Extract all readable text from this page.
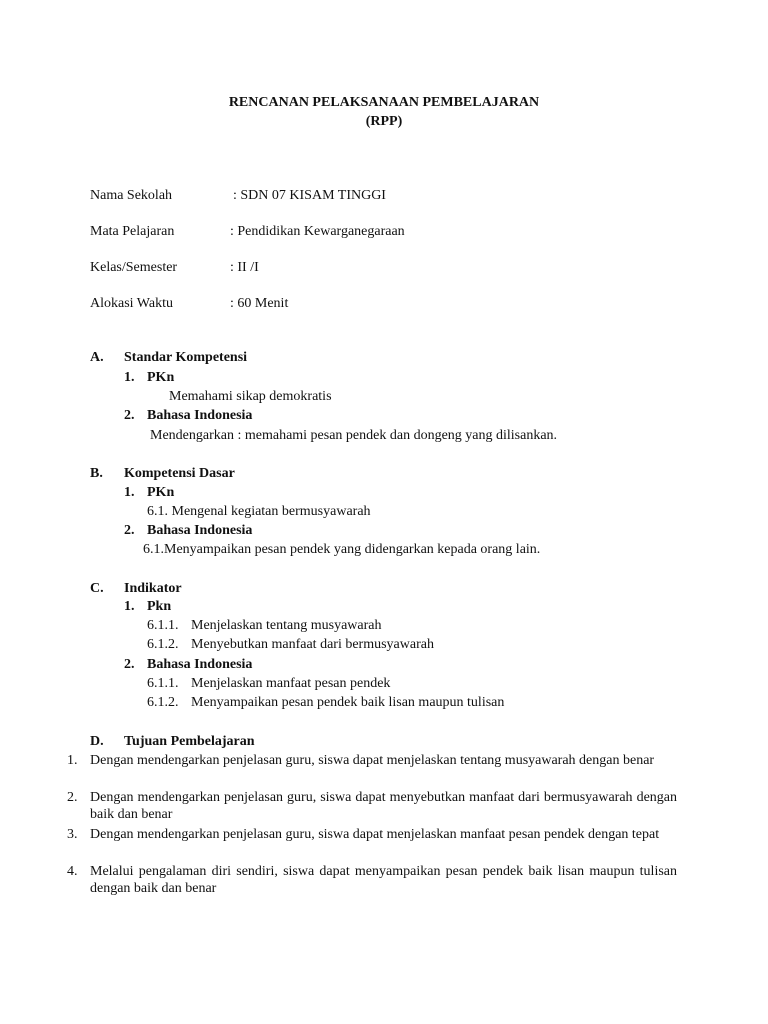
RENCANAN PELAKSANAAN PEMBELAJARAN
(RPP)
Nama Sekolah	: SDN 07 KISAM TINGGI
Mata Pelajaran	: Pendidikan Kewarganegaraan
Kelas/Semester	: II /I
Alokasi Waktu	: 60 Menit
A. Standar Kompetensi
1. PKn
Memahami sikap demokratis
2. Bahasa Indonesia
Mendengarkan : memahami pesan pendek dan dongeng yang dilisankan.
B. Kompetensi Dasar
1. PKn
6.1. Mengenal kegiatan bermusyawarah
2. Bahasa Indonesia
6.1.Menyampaikan pesan pendek yang didengarkan kepada orang lain.
C. Indikator
1. Pkn
6.1.1. Menjelaskan tentang musyawarah
6.1.2. Menyebutkan manfaat dari bermusyawarah
2. Bahasa Indonesia
6.1.1. Menjelaskan manfaat pesan pendek
6.1.2. Menyampaikan pesan pendek baik lisan maupun tulisan
D. Tujuan Pembelajaran
1. Dengan mendengarkan penjelasan guru, siswa dapat menjelaskan tentang musyawarah dengan benar
2. Dengan mendengarkan penjelasan guru, siswa dapat menyebutkan manfaat dari bermusyawarah dengan baik dan benar
3. Dengan mendengarkan penjelasan guru, siswa dapat menjelaskan manfaat pesan pendek dengan tepat
4. Melalui pengalaman diri sendiri, siswa dapat menyampaikan pesan pendek baik lisan maupun tulisan dengan baik dan benar
